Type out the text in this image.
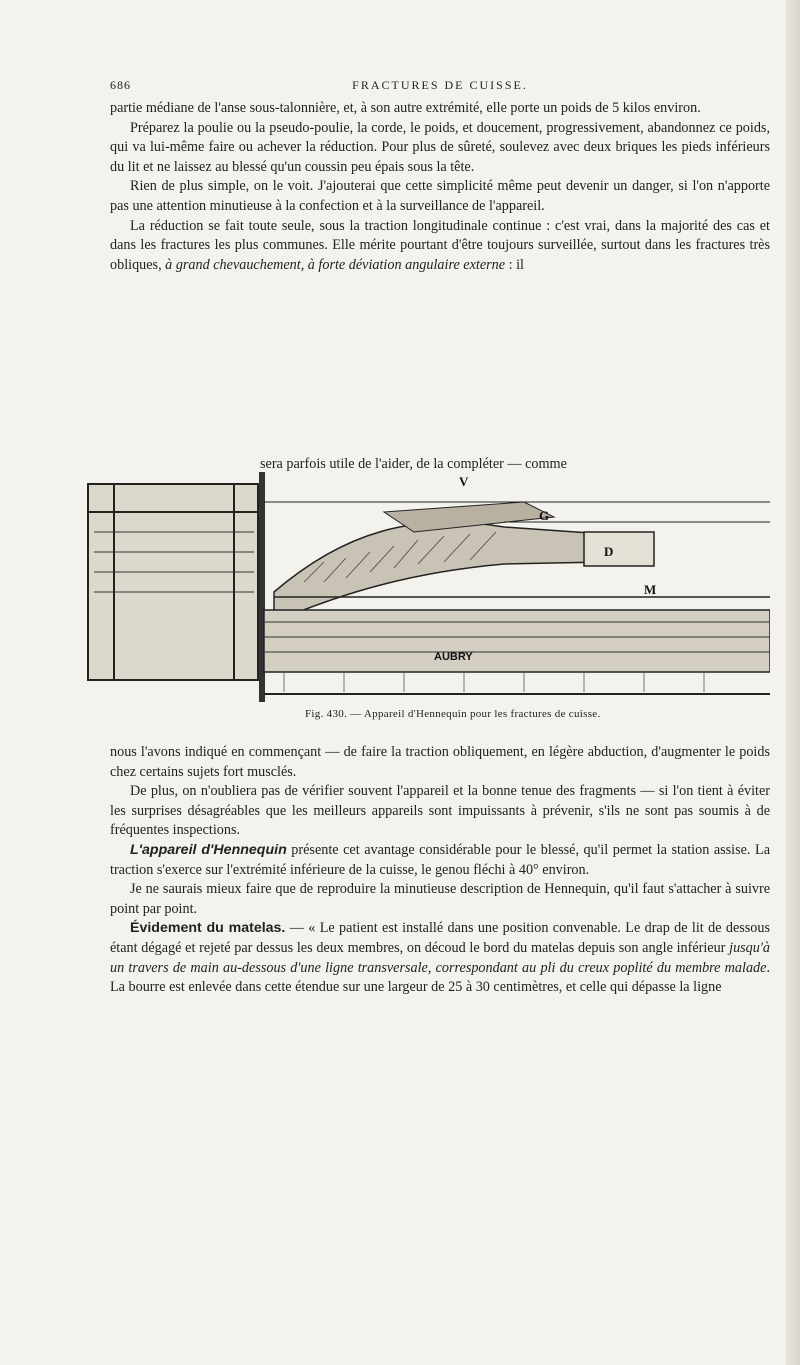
686	FRACTURES DE CUISSE.

partie médiane de l'anse sous-talonnière, et, à son autre extrémité, elle porte un poids de 5 kilos environ.

Préparez la poulie ou la pseudo-poulie, la corde, le poids, et doucement, progressivement, abandonnez ce poids, qui va lui-même faire ou achever la réduction. Pour plus de sûreté, soulevez avec deux briques les pieds inférieurs du lit et ne laissez au blessé qu'un coussin peu épais sous la tête.

Rien de plus simple, on le voit. J'ajouterai que cette simplicité même peut devenir un danger, si l'on n'apporte pas une attention minutieuse à la confection et à la surveillance de l'appareil.

La réduction se fait toute seule, sous la traction longitudinale continue : c'est vrai, dans la majorité des cas et dans les fractures les plus communes. Elle mérite pourtant d'être toujours surveillée, surtout dans les fractures très obliques, à grand chevauchement, à forte déviation angulaire externe : il

sera parfois utile de l'aider, de la compléter — comme
V
G
D
M
AUBRY
Fig. 430. — Appareil d'Hennequin pour les fractures de cuisse.

nous l'avons indiqué en commençant — de faire la traction obliquement, en légère abduction, d'augmenter le poids chez certains sujets fort musclés.

De plus, on n'oubliera pas de vérifier souvent l'appareil et la bonne tenue des fragments — si l'on tient à éviter les surprises désagréables que les meilleurs appareils sont impuissants à prévenir, s'ils ne sont pas soumis à de fréquentes inspections.

L'appareil d'Hennequin présente cet avantage considérable pour le blessé, qu'il permet la station assise. La traction s'exerce sur l'extrémité inférieure de la cuisse, le genou fléchi à 40° environ.

Je ne saurais mieux faire que de reproduire la minutieuse description de Hennequin, qu'il faut s'attacher à suivre point par point.

Évidement du matelas. — « Le patient est installé dans une position convenable. Le drap de lit de dessous étant dégagé et rejeté par dessus les deux membres, on découd le bord du matelas depuis son angle inférieur jusqu'à un travers de main au-dessous d'une ligne transversale, correspondant au pli du creux poplité du membre malade. La bourre est enlevée dans cette étendue sur une largeur de 25 à 30 centimètres, et celle qui dépasse la ligne
